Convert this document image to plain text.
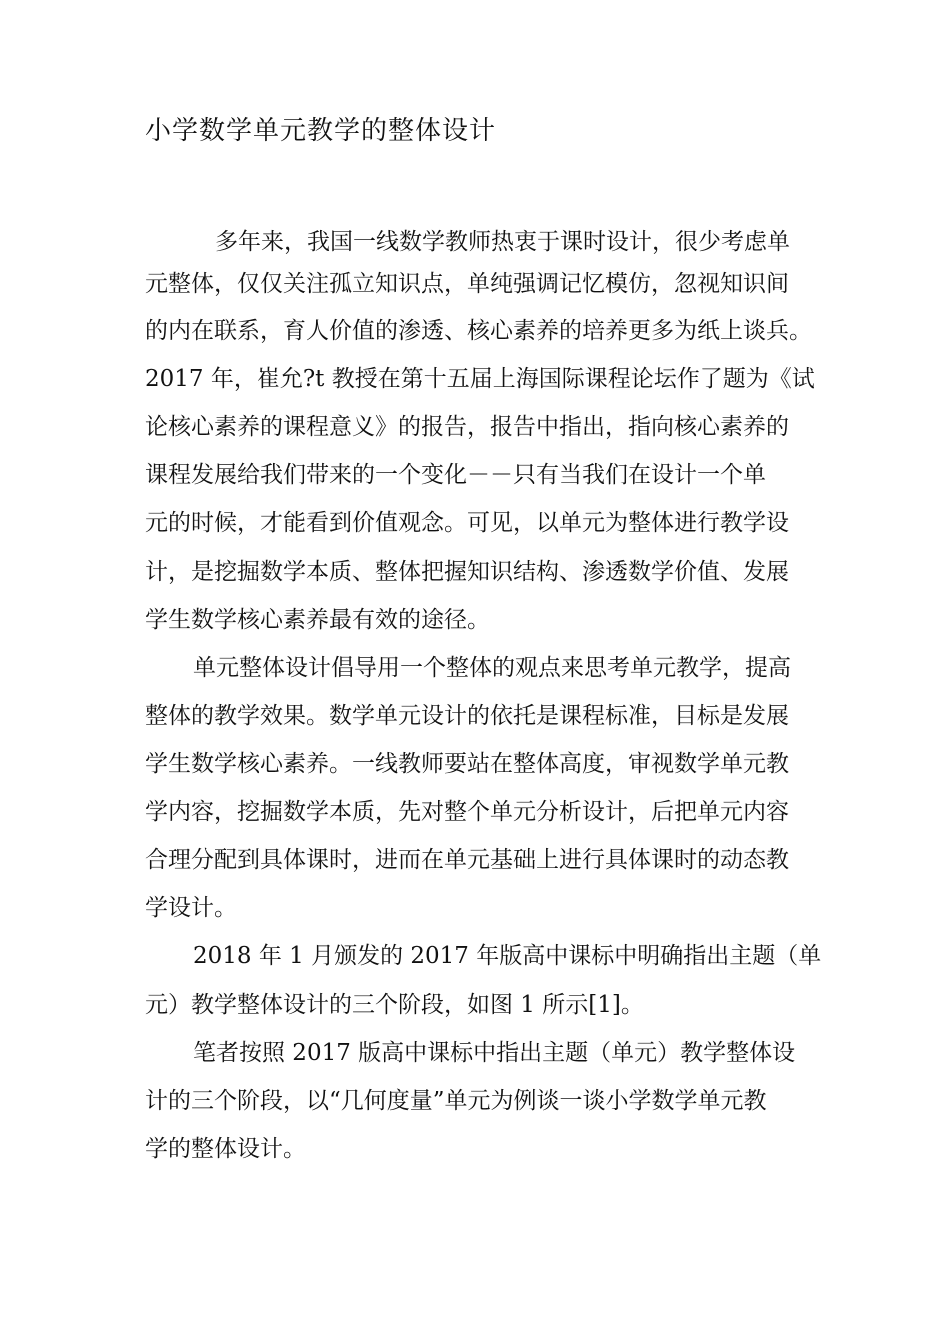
小学数学单元教学的整体设计
多年来，我国一线数学教师热衷于课时设计，很少考虑单
元整体，仅仅关注孤立知识点，单纯强调记忆模仿，忽视知识间
的内在联系，育人价值的渗透、核心素养的培养更多为纸上谈兵。
2017 年，崔允?t 教授在第十五届上海国际课程论坛作了题为《试
论核心素养的课程意义》的报告，报告中指出，指向核心素养的
课程发展给我们带来的一个变化－－只有当我们在设计一个单
元的时候，才能看到价值观念。可见，以单元为整体进行教学设
计，是挖掘数学本质、整体把握知识结构、渗透数学价值、发展
学生数学核心素养最有效的途径。
单元整体设计倡导用一个整体的观点来思考单元教学，提高
整体的教学效果。数学单元设计的依托是课程标准，目标是发展
学生数学核心素养。一线教师要站在整体高度，审视数学单元教
学内容，挖掘数学本质，先对整个单元分析设计，后把单元内容
合理分配到具体课时，进而在单元基础上进行具体课时的动态教
学设计。
2018 年 1 月颁发的 2017 年版高中课标中明确指出主题（单
元）教学整体设计的三个阶段，如图 1 所示[1]。
笔者按照 2017 版高中课标中指出主题（单元）教学整体设
计的三个阶段，以“几何度量”单元为例谈一谈小学数学单元教
学的整体设计。
